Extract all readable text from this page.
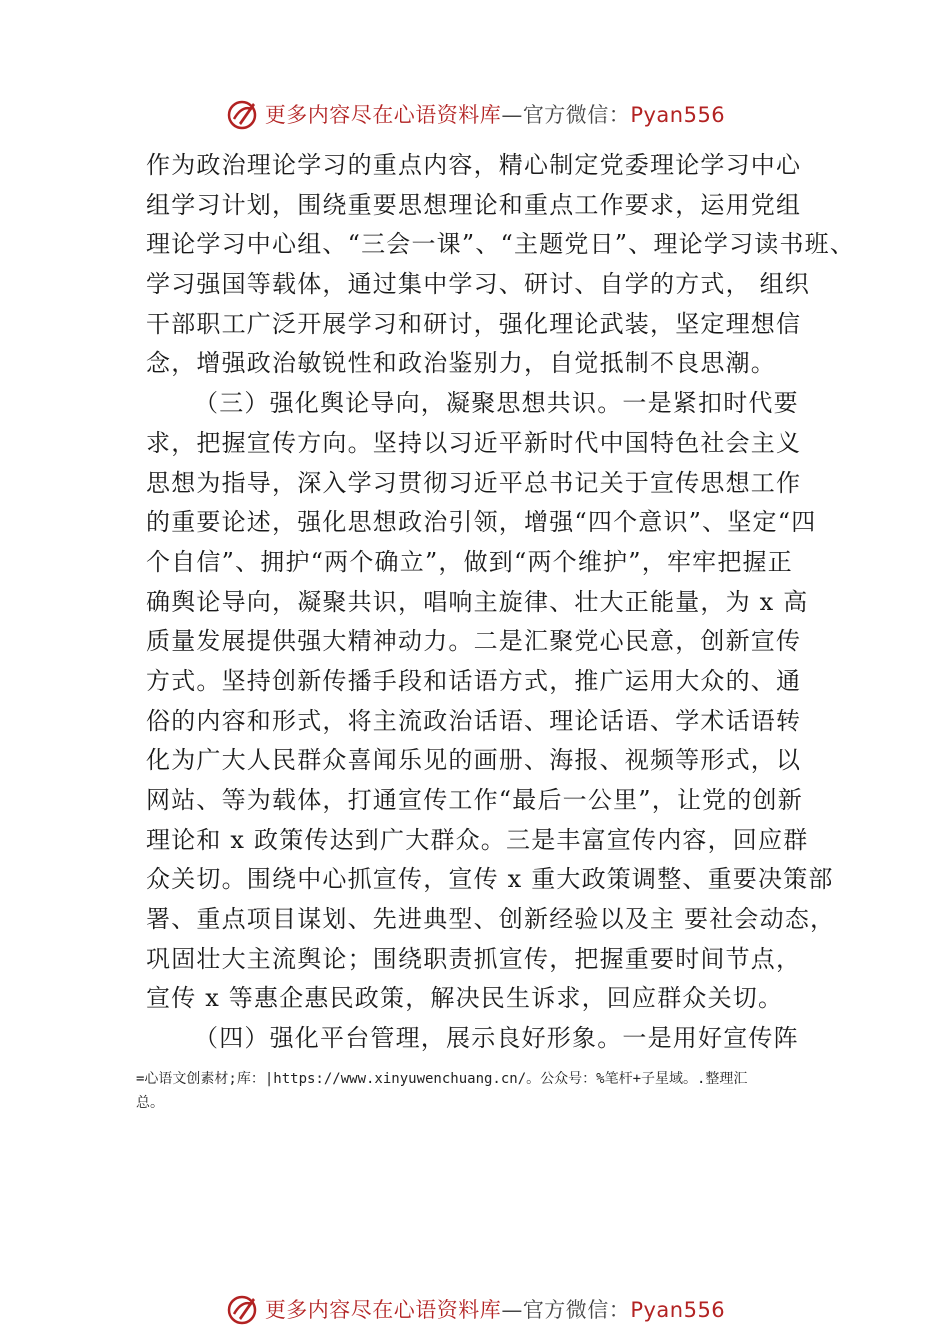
更多内容尽在心语资料库—官方微信：Pyan556
作为政治理论学习的重点内容，精心制定党委理论学习中心
组学习计划，围绕重要思想理论和重点工作要求，运用党组
理论学习中心组、“三会一课”、“主题党日”、理论学习读书班、
学习强国等载体，通过集中学习、研讨、自学的方式， 组织
干部职工广泛开展学习和研讨，强化理论武装，坚定理想信
念，增强政治敏锐性和政治鉴别力，自觉抵制不良思潮。
（三）强化舆论导向，凝聚思想共识。一是紧扣时代要
求，把握宣传方向。坚持以习近平新时代中国特色社会主义
思想为指导，深入学习贯彻习近平总书记关于宣传思想工作
的重要论述，强化思想政治引领，增强“四个意识”、坚定“四
个自信”、拥护“两个确立”，做到“两个维护”，牢牢把握正
确舆论导向，凝聚共识，唱响主旋律、壮大正能量，为 x 高
质量发展提供强大精神动力。二是汇聚党心民意，创新宣传
方式。坚持创新传播手段和话语方式，推广运用大众的、通
俗的内容和形式，将主流政治话语、理论话语、学术话语转
化为广大人民群众喜闻乐见的画册、海报、视频等形式，以
网站、等为载体，打通宣传工作“最后一公里”，让党的创新
理论和 x 政策传达到广大群众。三是丰富宣传内容，回应群
众关切。围绕中心抓宣传，宣传 x 重大政策调整、重要决策部
署、重点项目谋划、先进典型、创新经验以及主 要社会动态，
巩固壮大主流舆论；围绕职责抓宣传，把握重要时间节点，
宣传 x 等惠企惠民政策，解决民生诉求，回应群众关切。
（四）强化平台管理，展示良好形象。一是用好宣传阵
=心语文创素材;库：|https://www.xinyuwenchuang.cn/。公众号：%笔杆+子星域。.整理汇
总。
更多内容尽在心语资料库—官方微信：Pyan556
